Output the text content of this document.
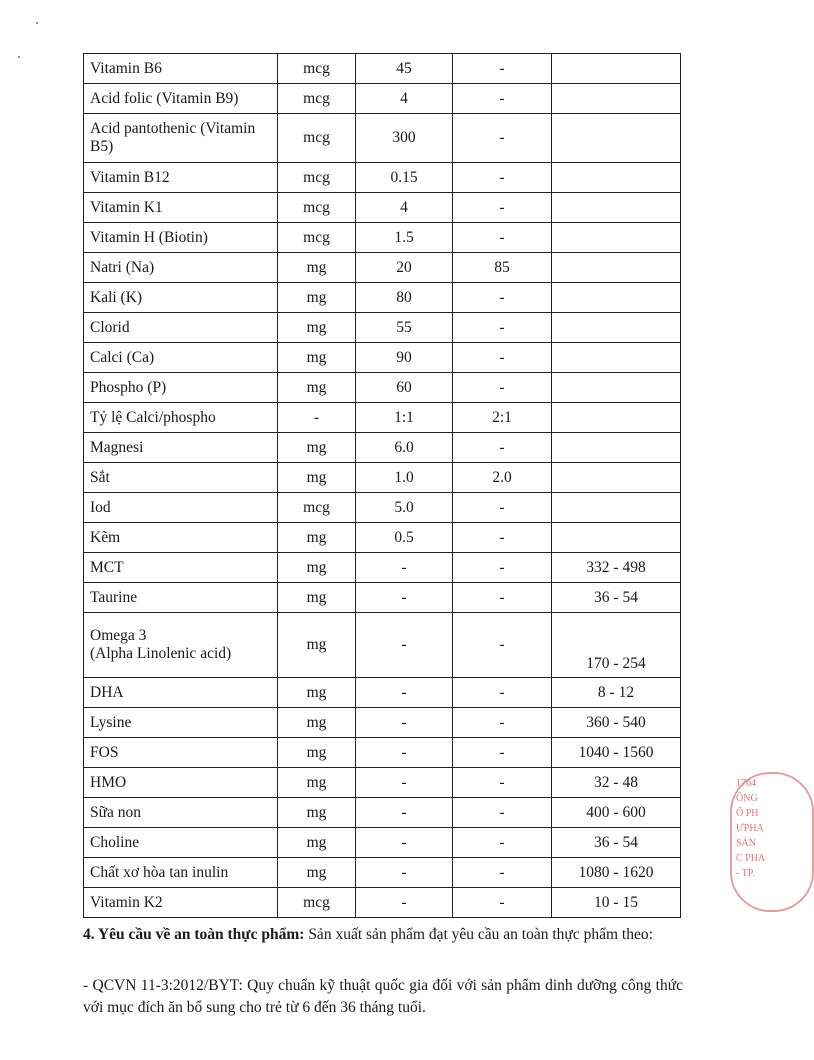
Vitamin B6	mcg	45	-	
Acid folic (Vitamin B9)	mcg	4	-	

Acid pantothenic (Vitamin
B5)	mcg	300	-	
Vitamin B12	mcg	0.15	-	
Vitamin K1	mcg	4	-	
Vitamin H (Biotin)	mcg	1.5	-	
Natri (Na)	mg	20	85	
Kali (K)	mg	80	-	
Clorid	mg	55	-	
Calci (Ca)	mg	90	-	
Phospho (P)	mg	60	-	
Tỷ lệ Calci/phospho	-	1:1	2:1	
Magnesi	mg	6.0	-	
Sắt	mg	1.0	2.0	
Iod	mcg	5.0	-	
Kẽm	mg	0.5	-	
MCT	mg	-	-	332 - 498
Taurine	mg	-	-	36 - 54

Omega 3
(Alpha Linolenic acid)	mg	-	-	170 - 254
DHA	mg	-	-	8 - 12
Lysine	mg	-	-	360 - 540
FOS	mg	-	-	1040 - 1560
HMO	mg	-	-	32 - 48
Sữa non	mg	-	-	400 - 600
Choline	mg	-	-	36 - 54
Chất xơ hòa tan inulin	mg	-	-	1080 - 1620
Vitamin K2	mcg	-	-	10 - 15
4. Yêu cầu về an toàn thực phẩm: Sản xuất sản phẩm đạt yêu cầu an toàn thực phẩm theo:
- QCVN 11-3:2012/BYT: Quy chuẩn kỹ thuật quốc gia đối với sản phẩm dinh dưỡng công thức với mục đích ăn bổ sung cho trẻ từ 6 đến 36 tháng tuổi.
1764
ÔNG
Ổ PH
ƯPHA
SẢN
C PHA
- TP.
